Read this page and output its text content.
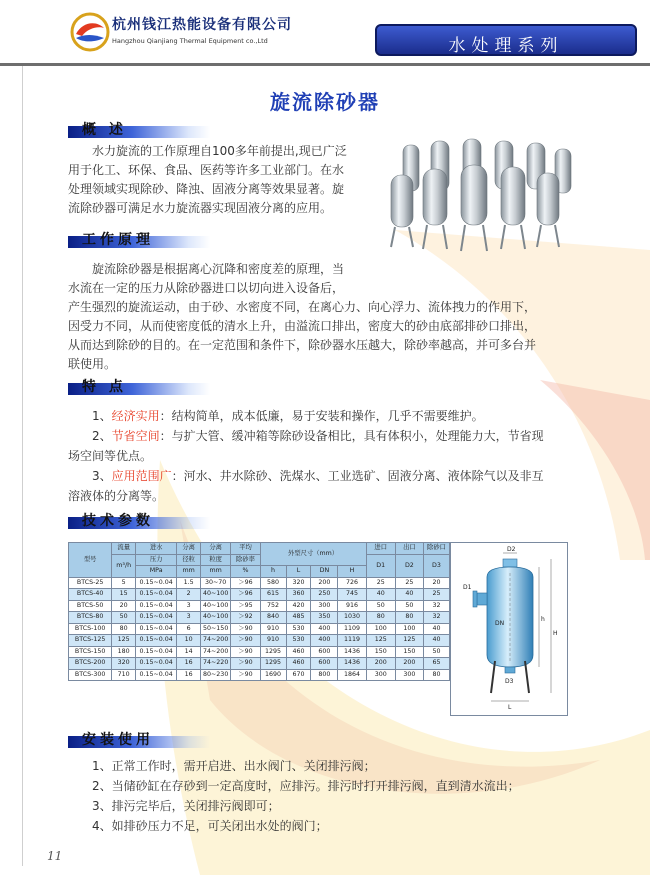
杭州钱江热能设备有限公司
Hangzhou Qianjiang Thermal Equipment co.,Ltd	水处理系列
旋流除砂器
概 述

水力旋流的工作原理自100多年前提出,现已广泛

用于化工、环保、食品、医药等许多工业部门。在水

处理领域实现除砂、降浊、固液分离等效果显著。旋

流除砂器可满足水力旋流器实现固液分离的应用。

工作原理

旋流除砂器是根据离心沉降和密度差的原理，当

水流在一定的压力从除砂器进口以切向进入设备后，

产生强烈的旋流运动，由于砂、水密度不同，在离心力、向心浮力、流体拽力的作用下，

因受力不同，从而使密度低的清水上升，由溢流口排出，密度大的砂由底部排砂口排出，

从而达到除砂的目的。在一定范围和条件下，除砂器水压越大，除砂率越高，并可多台并

联使用。

特 点

1、经济实用：结构简单，成本低廉，易于安装和操作，几乎不需要维护。

2、节省空间：与扩大管、缓冲箱等除砂设备相比，具有体积小，处理能力大，节省现

场空间等优点。

3、应用范围广：河水、井水除砂、洗煤水、工业选矿、固液分离、液体除气以及非互

溶液体的分离等。

技术参数
型号	流量	进水	分离	分离	平均	外型尺寸（mm）				进口	出口	除砂口
	m³/h	压力	径粒	粒度	除砂率					D1	D2	D3
		MPa	mm	mm	%	h	L	DN	H			
BTCS-25	5	0.15~0.04	1.5	30~70	＞96	580	320	200	726	25	25	20
BTCS-40	15	0.15~0.04	2	40~100	＞96	615	360	250	745	40	40	25
BTCS-50	20	0.15~0.04	3	40~100	＞95	752	420	300	916	50	50	32
BTCS-80	50	0.15~0.04	3	40~100	＞92	840	485	350	1030	80	80	32
BTCS-100	80	0.15~0.04	6	50~150	＞90	910	530	400	1109	100	100	40
BTCS-125	125	0.15~0.04	10	74~200	＞90	910	530	400	1119	125	125	40
BTCS-150	180	0.15~0.04	14	74~200	＞90	1295	460	600	1436	150	150	50
BTCS-200	320	0.15~0.04	16	74~220	＞90	1295	460	600	1436	200	200	65
BTCS-300	710	0.15~0.04	16	80~230	＞90	1690	670	800	1864	300	300	80
D2
D1
D3
DN
h
H
L
安装使用

1、正常工作时，需开启进、出水阀门、关闭排污阀；

2、当储砂缸在存砂到一定高度时，应排污。排污时打开排污阀，直到清水流出；

3、排污完毕后，关闭排污阀即可；

4、如排砂压力不足，可关闭出水处的阀门；

11
